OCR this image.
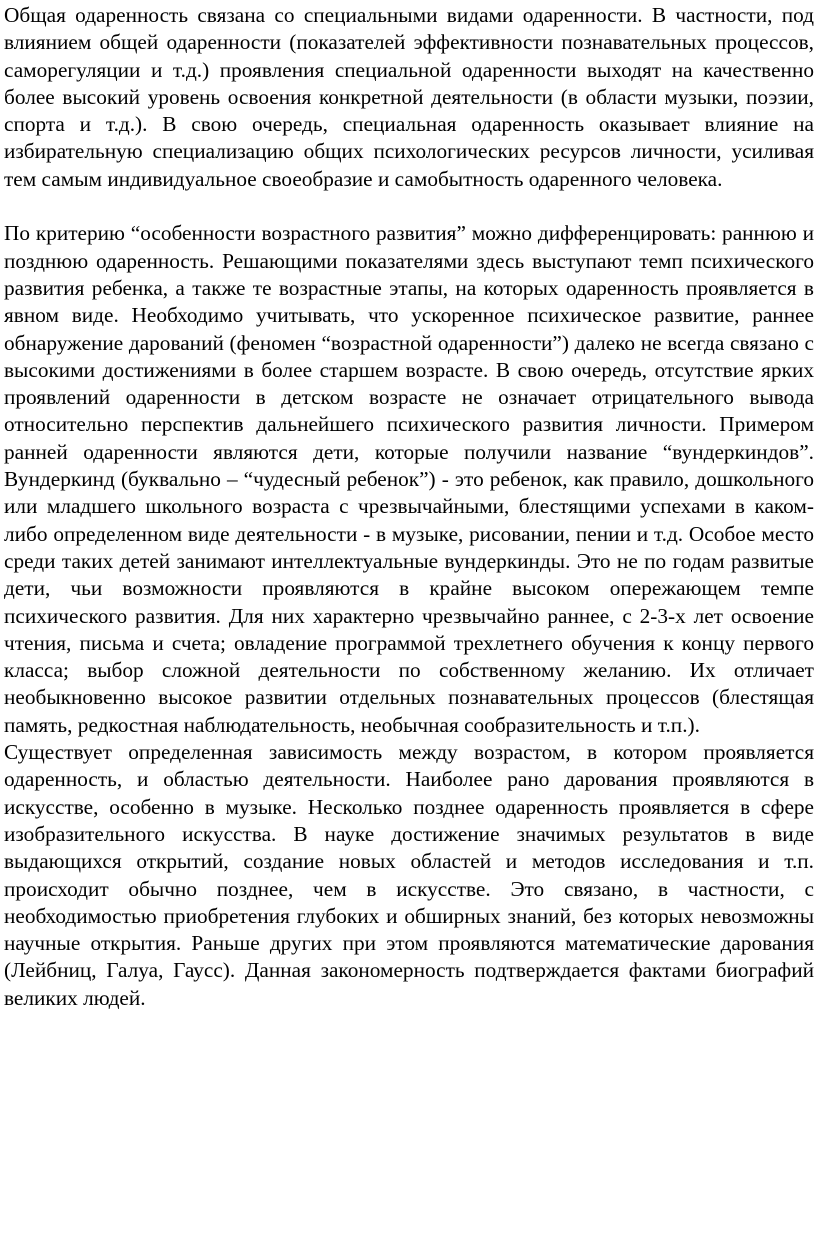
Общая одаренность связана со специальными видами одаренности. В частности, под влиянием общей одаренности (показателей эффективности познавательных процессов, саморегуляции и т.д.) проявления специальной одаренности выходят на качественно более высокий уровень освоения конкретной деятельности (в области музыки, поэзии, спорта и т.д.). В свою очередь, специальная одаренность оказывает влияние на избирательную специализацию общих психологических ресурсов личности, усиливая тем самым индивидуальное своеобразие и самобытность одаренного человека.

По критерию “особенности возрастного развития” можно дифференцировать: раннюю и позднюю одаренность. Решающими показателями здесь выступают темп психического развития ребенка, а также те возрастные этапы, на которых одаренность проявляется в явном виде. Необходимо учитывать, что ускоренное психическое развитие, раннее обнаружение дарований (феномен “возрастной одаренности”) далеко не всегда связано с высокими достижениями в более старшем возрасте. В свою очередь, отсутствие ярких проявлений одаренности в детском возрасте не означает отрицательного вывода относительно перспектив дальнейшего психического развития личности. Примером ранней одаренности являются дети, которые получили название “вундеркиндов”. Вундеркинд (буквально – “чудесный ребенок”) - это ребенок, как правило, дошкольного или младшего школьного возраста с чрезвычайными, блестящими успехами в каком-либо определенном виде деятельности - в музыке, рисовании, пении и т.д. Особое место среди таких детей занимают интеллектуальные вундеркинды. Это не по годам развитые дети, чьи возможности проявляются в крайне высоком опережающем темпе психического развития. Для них характерно чрезвычайно раннее, с 2-3-х лет освоение чтения, письма и счета; овладение программой трехлетнего обучения к концу первого класса; выбор сложной деятельности по собственному желанию. Их отличает необыкновенно высокое развитии отдельных познавательных процессов (блестящая память, редкостная наблюдательность, необычная сообразительность и т.п.).

Существует определенная зависимость между возрастом, в котором проявляется одаренность, и областью деятельности. Наиболее рано дарования проявляются в искусстве, особенно в музыке. Несколько позднее одаренность проявляется в сфере изобразительного искусства. В науке достижение значимых результатов в виде выдающихся открытий, создание новых областей и методов исследования и т.п. происходит обычно позднее, чем в искусстве. Это связано, в частности, с необходимостью приобретения глубоких и обширных знаний, без которых невозможны научные открытия. Раньше других при этом проявляются математические дарования (Лейбниц, Галуа, Гаусс). Данная закономерность подтверждается фактами биографий великих людей.
